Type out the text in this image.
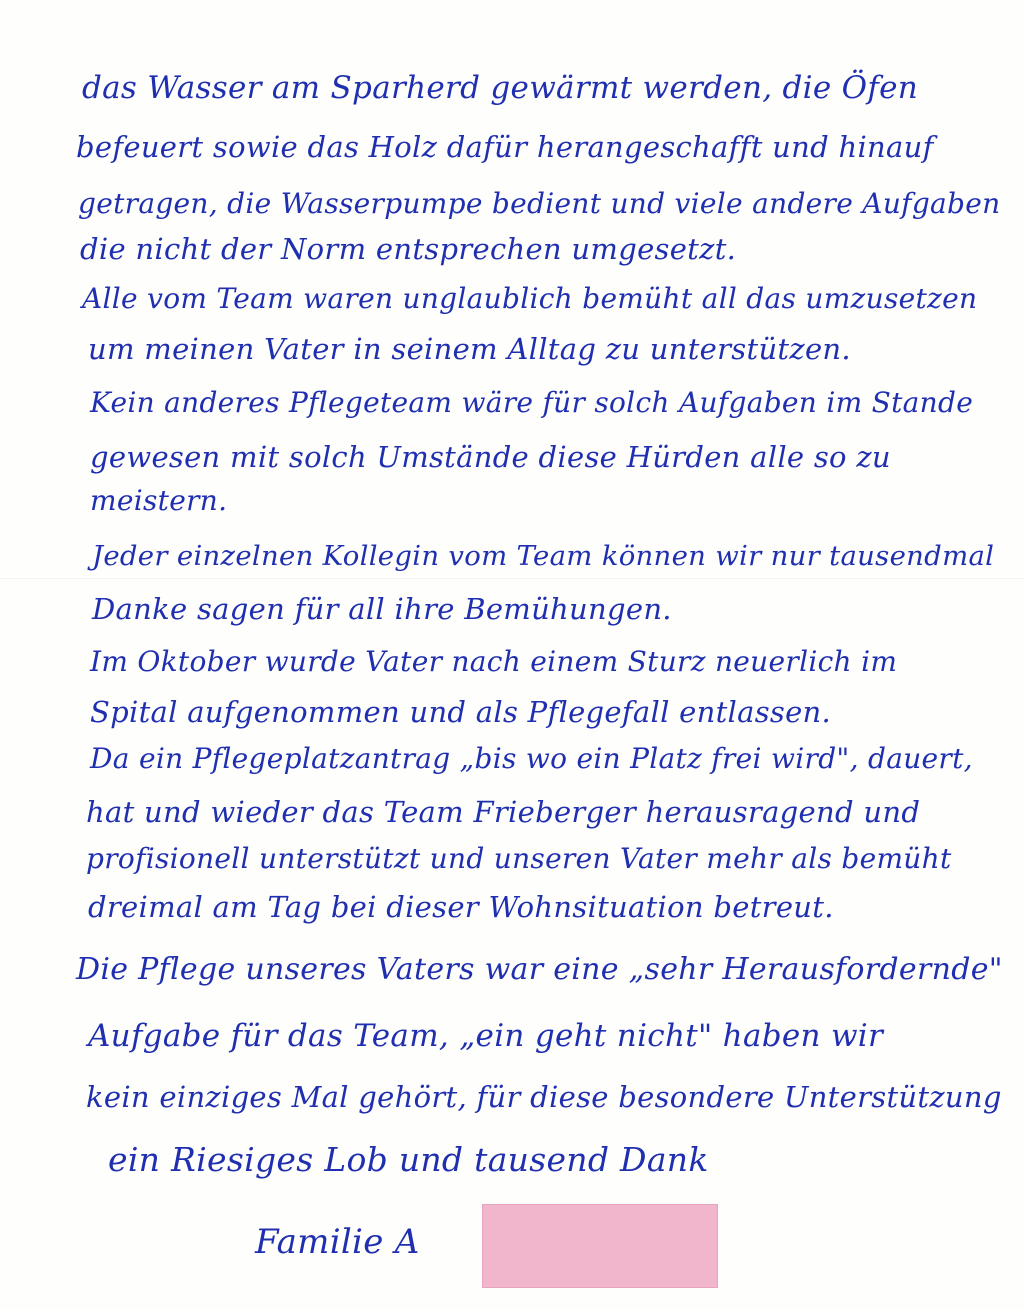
das Wasser am Sparherd gewärmt werden, die Öfen
befeuert sowie das Holz dafür herangeschafft und hinauf
getragen, die Wasserpumpe bedient und viele andere Aufgaben
die nicht der Norm entsprechen umgesetzt.
Alle vom Team waren unglaublich bemüht all das umzusetzen
um meinen Vater in seinem Alltag zu unterstützen.
Kein anderes Pflegeteam wäre für solch Aufgaben im Stande
gewesen mit solch Umstände diese Hürden alle so zu
meistern.
Jeder einzelnen Kollegin vom Team können wir nur tausendmal
Danke sagen für all ihre Bemühungen.
Im Oktober wurde Vater nach einem Sturz neuerlich im
Spital aufgenommen und als Pflegefall entlassen.
Da ein Pflegeplatzantrag „bis wo ein Platz frei wird", dauert,
hat und wieder das Team Frieberger herausragend und
profisionell unterstützt und unseren Vater mehr als bemüht
dreimal am Tag bei dieser Wohnsituation betreut.
Die Pflege unseres Vaters war eine „sehr Herausfordernde"
Aufgabe für das Team, „ein geht nicht" haben wir
kein einziges Mal gehört, für diese besondere Unterstützung
ein Riesiges Lob und tausend Dank
Familie A
